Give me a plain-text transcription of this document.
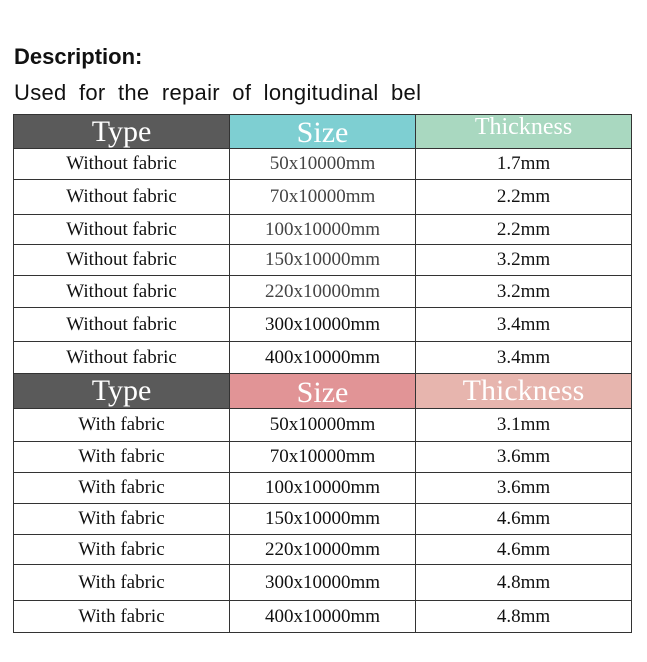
Description:
Used for the repair of longitudinal bel
Type	Size	Thickness
Without fabric	50x10000mm	1.7mm
Without fabric	70x10000mm	2.2mm
Without fabric	100x10000mm	2.2mm
Without fabric	150x10000mm	3.2mm
Without fabric	220x10000mm	3.2mm
Without fabric	300x10000mm	3.4mm
Without fabric	400x10000mm	3.4mm
Type	Size	Thickness
With fabric	50x10000mm	3.1mm
With fabric	70x10000mm	3.6mm
With fabric	100x10000mm	3.6mm
With fabric	150x10000mm	4.6mm
With fabric	220x10000mm	4.6mm
With fabric	300x10000mm	4.8mm
With fabric	400x10000mm	4.8mm
